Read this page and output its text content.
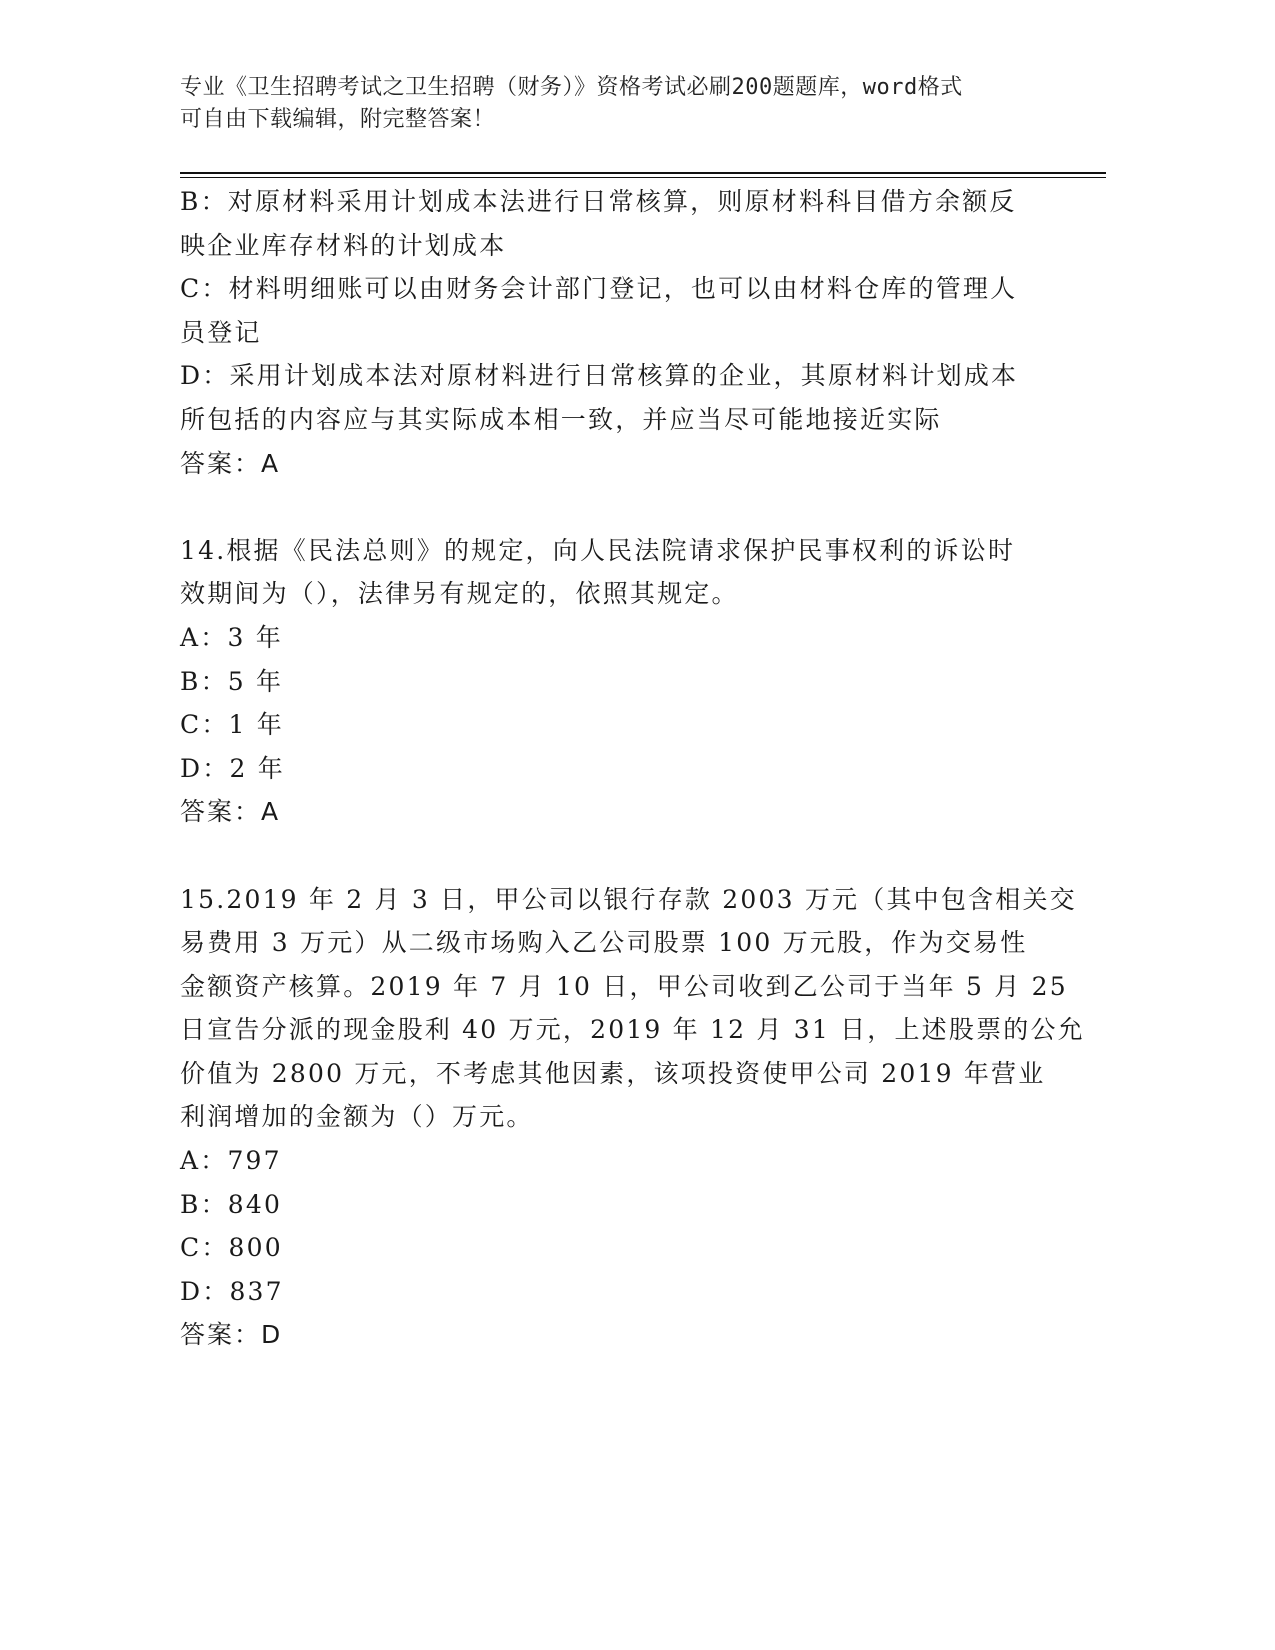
专业《卫生招聘考试之卫生招聘（财务）》资格考试必刷200题题库，word格式
可自由下载编辑，附完整答案！
B：对原材料采用计划成本法进行日常核算，则原材料科目借方余额反
映企业库存材料的计划成本
C：材料明细账可以由财务会计部门登记，也可以由材料仓库的管理人
员登记
D：采用计划成本法对原材料进行日常核算的企业，其原材料计划成本
所包括的内容应与其实际成本相一致，并应当尽可能地接近实际
答案：A
14.根据《民法总则》的规定，向人民法院请求保护民事权利的诉讼时
效期间为（），法律另有规定的，依照其规定。
A：3 年
B：5 年
C：1 年
D：2 年
答案：A
15.2019 年 2 月 3 日，甲公司以银行存款 2003 万元（其中包含相关交
易费用 3 万元）从二级市场购入乙公司股票 100 万元股，作为交易性
金额资产核算。2019 年 7 月 10 日，甲公司收到乙公司于当年 5 月 25
日宣告分派的现金股利 40 万元，2019 年 12 月 31 日，上述股票的公允
价值为 2800 万元，不考虑其他因素，该项投资使甲公司 2019 年营业
利润增加的金额为（）万元。
A：797
B：840
C：800
D：837
答案：D
